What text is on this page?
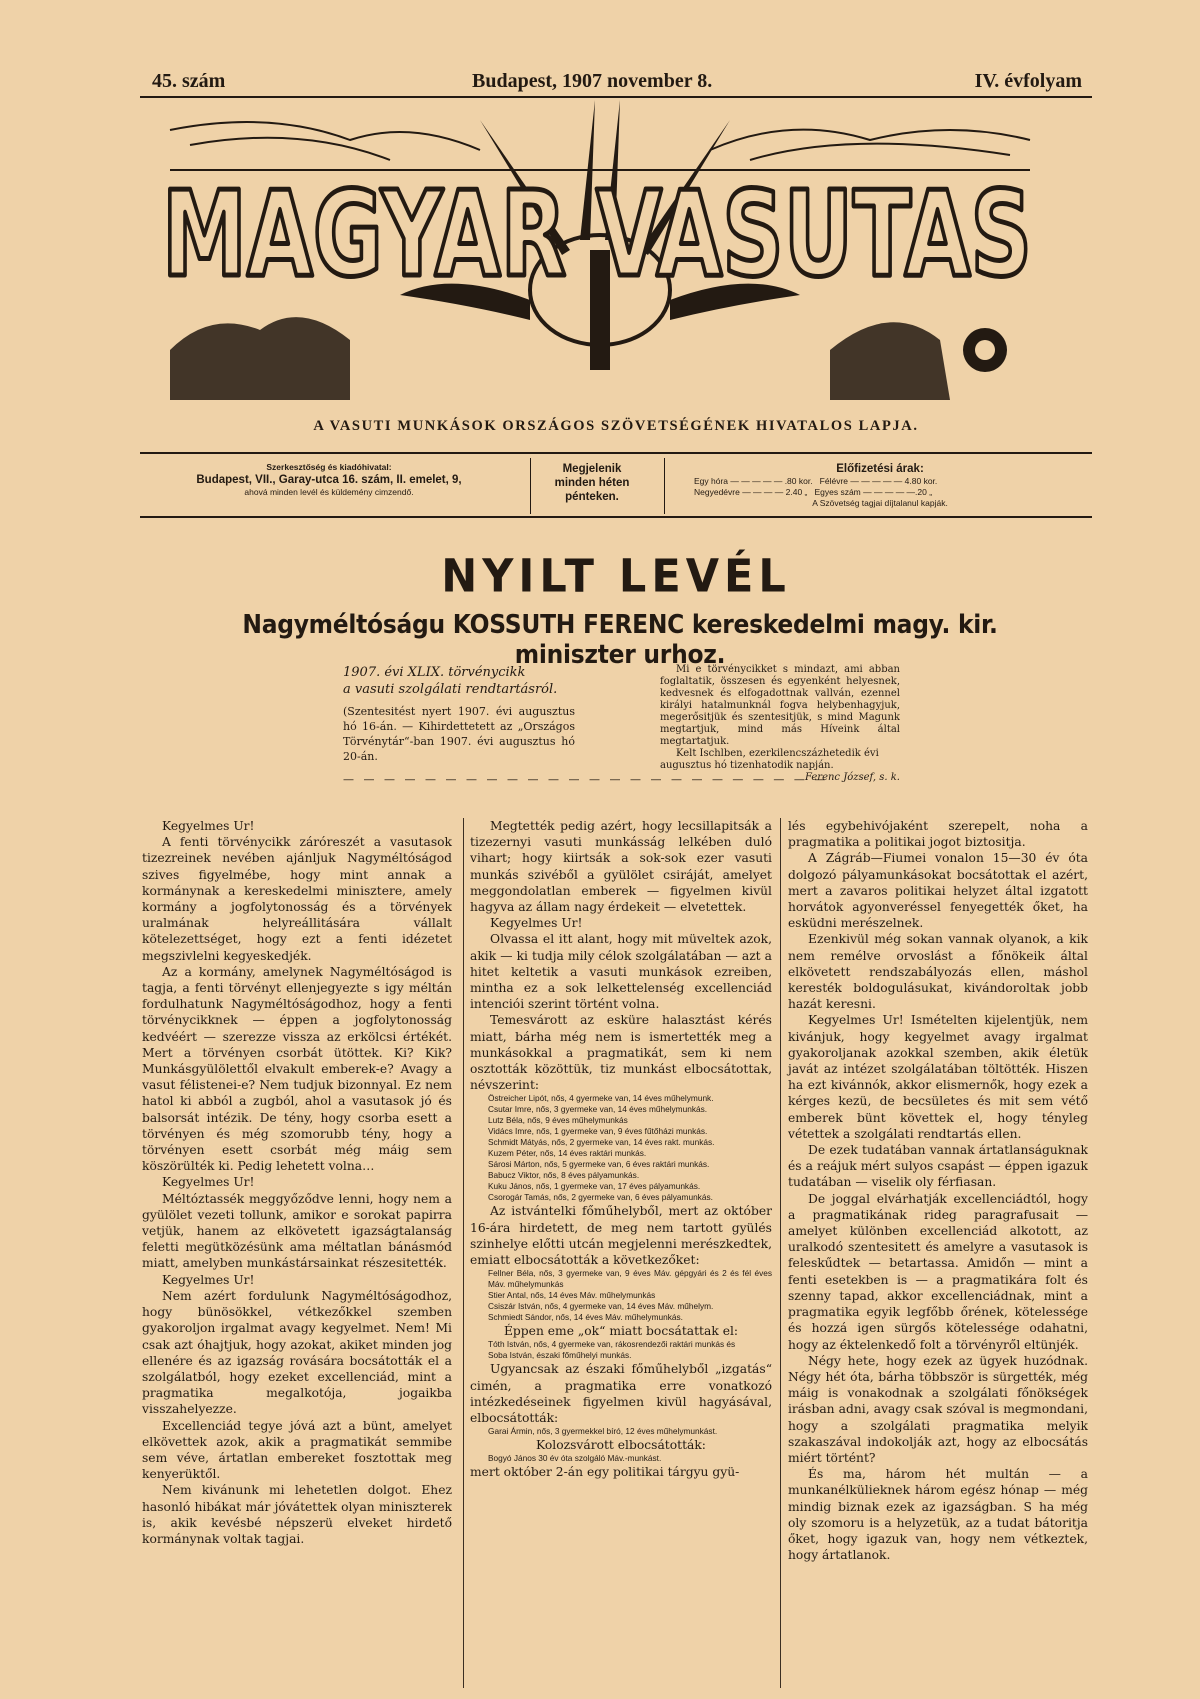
45. szám	Budapest, 1907 november 8.	IV. évfolyam
MAGYAR VASUTAS
A VASUTI MUNKÁSOK ORSZÁGOS SZÖVETSÉGÉNEK HIVATALOS LAPJA.
Szerkesztőség és kiadóhivatal:
Budapest, VII., Garay-utca 16. szám, II. emelet, 9,
ahová minden levél és küldemény cimzendő.
Megjelenik
minden héten
pénteken.
Előfizetési árak:
Egy hóra — — — — — .80 kor.   Félévre — — — — — 4.80 kor.
Negyedévre — — — — 2.40 „   Egyes szám — — — — —.20 „
A Szövetség tagjai díjtalanul kapják.
NYILT LEVÉL
Nagyméltóságu KOSSUTH FERENC kereskedelmi magy. kir. miniszter urhoz.
1907. évi XLIX. törvénycikk
a vasuti szolgálati rendtartásról.
(Szentesitést nyert 1907. évi augusztus hó 16-án. — Kihirdettetett az „Országos Törvénytár“-ban 1907. évi augusztus hó 20-án.
— — — — — — — — — — — — — — — — — — — — — — — —
Mi e törvénycikket s mindazt, ami abban foglaltatik, összesen és egyenként helyesnek, kedvesnek és elfogadottnak vallván, ezennel királyi hatalmunknál fogva helybenhagyjuk, megerősitjük és szentesitjük, s mind Magunk megtartjuk, mind más Híveink által megtartatjuk.
Kelt Ischlben, ezerkilencszázhetedik évi augusztus hó tizenhatodik napján.
Ferenc József, s. k.

Kegyelmes Ur!

A fenti törvénycikk záróreszét a vasutasok tizezreinek nevében ajánljuk Nagyméltóságod szives figyelmébe, hogy mint annak a kormánynak a kereskedelmi miniszterе, amely kormány a jogfolytonosság és a törvények uralmának helyreállitására vállalt kötelezettséget, hogy ezt a fenti idézetet megszivlelni kegyeskedjék.

Az a kormány, amelynek Nagyméltóságod is tagja, a fenti törvényt ellenjegyezte s igy méltán fordulhatunk Nagyméltóságodhoz, hogy a fenti törvénycikknek — éppen a jogfolytonosság kedvéért — szerezze vissza az erkölcsi értékét. Mert a törvényen csorbát ütöttek. Ki? Kik? Munkásgyülölettől elvakult emberek-e? Avagy a vasut félistenei-e? Nem tudjuk bizonnyal. Ez nem hatol ki abból a zugból, ahol a vasutasok jó és balsorsát intézik. De tény, hogy csorba esett a törvényen és még szomorubb tény, hogy a törvényen esett csorbát még máig sem köszörülték ki. Pedig lehetett volna…

Kegyelmes Ur!

Méltóztassék meggyőződve lenni, hogy nem a gyülölet vezeti tollunk, amikor e sorokat papirra vetjük, hanem az elkövetett igazságtalanság feletti megütközésünk ama méltatlan bánásmód miatt, amelyben munkástársainkat részesitették.

Kegyelmes Ur!

Nem azért fordulunk Nagyméltóságodhoz, hogy bünösökkel, vétkezőkkel szemben gyakoroljon irgalmat avagy kegyelmet. Nem! Mi csak azt óhajtjuk, hogy azokat, akiket minden jog ellenére és az igazság rovására bocsátották el a szolgálatból, hogy ezeket excellenciád, mint a pragmatika megalkotója, jogaikba visszahelyezze.

Excellenciád tegye jóvá azt a bünt, amelyet elkövettek azok, akik a pragmatikát semmibe sem véve, ártatlan embereket fosztottak meg kenyerüktől.

Nem kivánunk mi lehetetlen dolgot. Ehez hasonló hibákat már jóvátettek olyan miniszterek is, akik kevésbé népszerü elveket hirdető kormánynak voltak tagjai.

Megtették pedig azért, hogy lecsillapitsák a tizezernyi vasuti munkásság lelkében duló vihart; hogy kiirtsák a sok-sok ezer vasuti munkás szivéből a gyülölet csiráját, amelyet meggondolatlan emberek — figyelmen kivül hagyva az állam nagy érdekeit — elvetettek.

Kegyelmes Ur!

Olvassa el itt alant, hogy mit müveltek azok, akik — ki tudja mily célok szolgálatában — azt a hitet keltetik a vasuti munkások ezreiben, mintha ez a sok lelkettelenség excellenciád intenciói szerint történt volna.

Temesvárott az esküre halasztást kérés miatt, bárha még nem is ismertették meg a munkásokkal a pragmatikát, sem ki nem osztották közöttük, tiz munkást elbocsátottak, névszerint:

Östreicher Lipót, nős, 4 gyermeke van, 14 éves műhelymunk.

Csutar Imre, nős, 3 gyermeke van, 14 éves műhelymunkás.

Lutz Béla, nős, 9 éves műhelymunkás

Vidács Imre, nős, 1 gyermeke van, 9 éves fűtőházi munkás.

Schmidt Mátyás, nős, 2 gyermeke van, 14 éves rakt. munkás.

Kuzem Péter, nős, 14 éves raktári munkás.

Sárosi Márton, nős, 5 gyermeke van, 6 éves raktári munkás.

Babucz Viktor, nős, 8 éves pályamunkás.

Kuku János, nős, 1 gyermeke van, 17 éves pályamunkás.

Csorogár Tamás, nős, 2 gyermeke van, 6 éves pályamunkás.

Az istvántelki főműhelyből, mert az október 16-ára hirdetett, de meg nem tartott gyülés szinhelye előtti utcán megjelenni merészkedtek, emiatt elbocsátották a következőket:

Fellner Béla, nős, 3 gyermeke van, 9 éves Máv. gépgyári és 2 és fél éves Máv. műhelymunkás

Stier Antal, nős, 14 éves Máv. műhelymunkás

Csiszár István, nős, 4 gyermeke van, 14 éves Máv. műhelym.

Schmiedt Sándor, nős, 14 éves Máv. műhelymunkás.

Éppen eme „ok“ miatt bocsátattak el:

Tóth István, nős, 4 gyermeke van, rákosrendezői raktári munkás és

Soba István, északi főműhelyi munkás.

Ugyancsak az északi főműhelyből „izgatás“ cimén, a pragmatika erre vonatkozó intézkedéseinek figyelmen kivül hagyásával, elbocsátották:

Garai Ármin, nős, 3 gyermekkel bíró, 12 éves műhelymunkást.

Kolozsvárott elbocsátották:

Bogyó János 30 év óta szolgáló Máv.-munkást.

mert október 2-án egy politikai tárgyu gyü-

lés egybehivójaként szerepelt, noha a pragmatika a politikai jogot biztositja.

A Zágráb—Fiumei vonalon 15—30 év óta dolgozó pályamunkásokat bocsátottak el azért, mert a zavaros politikai helyzet által izgatott horvátok agyonveréssel fenyegették őket, ha esküdni merészelnek.

Ezenkivül még sokan vannak olyanok, a kik nem remélve orvoslást a főnökeik által elkövetett rendszabályozás ellen, máshol keresték boldogulásukat, kivándoroltak jobb hazát keresni.

Kegyelmes Ur! Ismételten kijelentjük, nem kivánjuk, hogy kegyelmet avagy irgalmat gyakoroljanak azokkal szemben, akik életük javát az intézet szolgálatában töltötték. Hiszen ha ezt kivánnók, akkor elismernők, hogy ezek a kérges kezü, de becsületes és mit sem vétő emberek bünt követtek el, hogy tényleg vétettek a szolgálati rendtartás ellen.

De ezek tudatában vannak ártatlanságuknak és a reájuk mért sulyos csapást — éppen igazuk tudatában — viselik oly férfiasan.

De joggal elvárhatják excellenciádtól, hogy a pragmatikának rideg paragrafusait — amelyet különben excellenciád alkotott, az uralkodó szentesitett és amelyre a vasutasok is feleskűdtek — betartassa. Amidőn — mint a fenti esetekben is — a pragmatikára folt és szenny tapad, akkor excellenciádnak, mint a pragmatika egyik legfőbb őrének, kötelessége és hozzá igen sürgős kötelessége odahatni, hogy az éktelenkedő folt a törvényről eltünjék.

Négy hete, hogy ezek az ügyek huzódnak. Négy hét óta, bárha többször is sürgették, még máig is vonakodnak a szolgálati főnökségek irásban adni, avagy csak szóval is megmondani, hogy a szolgálati pragmatika melyik szakaszával indokolják azt, hogy az elbocsátás miért történt?

És ma, három hét multán — a munkanélkülieknek három egész hónap — még mindig biznak ezek az igazságban. S ha még oly szomoru is a helyzetük, az a tudat bátoritja őket, hogy igazuk van, hogy nem vétkeztek, hogy ártatlanok.
